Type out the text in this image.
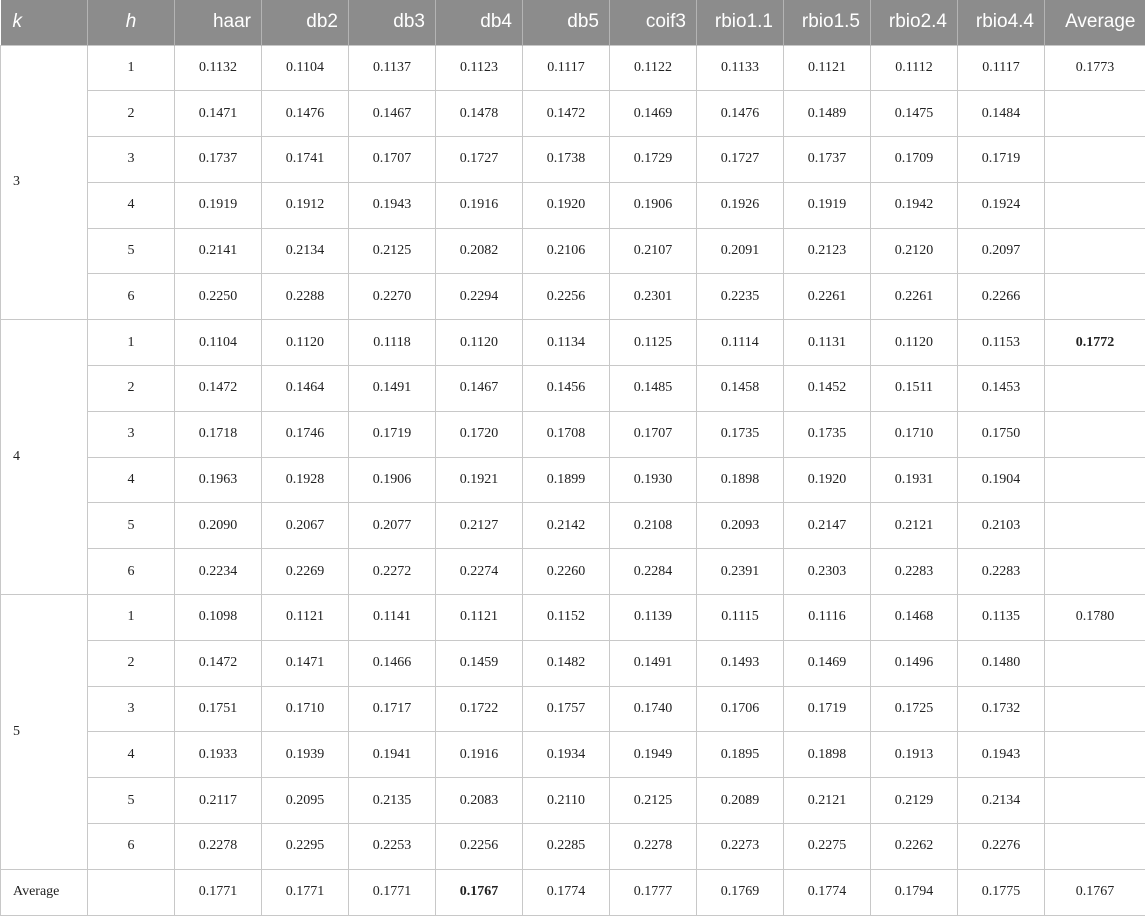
k	h	haar	db2	db3	db4	db5	coif3	rbio1.1	rbio1.5	rbio2.4	rbio4.4	Average
3	1	0.1132	0.1104	0.1137	0.1123	0.1117	0.1122	0.1133	0.1121	0.1112	0.1117	0.1773
	2	0.1471	0.1476	0.1467	0.1478	0.1472	0.1469	0.1476	0.1489	0.1475	0.1484	
	3	0.1737	0.1741	0.1707	0.1727	0.1738	0.1729	0.1727	0.1737	0.1709	0.1719	
	4	0.1919	0.1912	0.1943	0.1916	0.1920	0.1906	0.1926	0.1919	0.1942	0.1924	
	5	0.2141	0.2134	0.2125	0.2082	0.2106	0.2107	0.2091	0.2123	0.2120	0.2097	
	6	0.2250	0.2288	0.2270	0.2294	0.2256	0.2301	0.2235	0.2261	0.2261	0.2266	
4	1	0.1104	0.1120	0.1118	0.1120	0.1134	0.1125	0.1114	0.1131	0.1120	0.1153	0.1772
	2	0.1472	0.1464	0.1491	0.1467	0.1456	0.1485	0.1458	0.1452	0.1511	0.1453	
	3	0.1718	0.1746	0.1719	0.1720	0.1708	0.1707	0.1735	0.1735	0.1710	0.1750	
	4	0.1963	0.1928	0.1906	0.1921	0.1899	0.1930	0.1898	0.1920	0.1931	0.1904	
	5	0.2090	0.2067	0.2077	0.2127	0.2142	0.2108	0.2093	0.2147	0.2121	0.2103	
	6	0.2234	0.2269	0.2272	0.2274	0.2260	0.2284	0.2391	0.2303	0.2283	0.2283	
5	1	0.1098	0.1121	0.1141	0.1121	0.1152	0.1139	0.1115	0.1116	0.1468	0.1135	0.1780
	2	0.1472	0.1471	0.1466	0.1459	0.1482	0.1491	0.1493	0.1469	0.1496	0.1480	
	3	0.1751	0.1710	0.1717	0.1722	0.1757	0.1740	0.1706	0.1719	0.1725	0.1732	
	4	0.1933	0.1939	0.1941	0.1916	0.1934	0.1949	0.1895	0.1898	0.1913	0.1943	
	5	0.2117	0.2095	0.2135	0.2083	0.2110	0.2125	0.2089	0.2121	0.2129	0.2134	
	6	0.2278	0.2295	0.2253	0.2256	0.2285	0.2278	0.2273	0.2275	0.2262	0.2276	
Average		0.1771	0.1771	0.1771	0.1767	0.1774	0.1777	0.1769	0.1774	0.1794	0.1775	0.1767
